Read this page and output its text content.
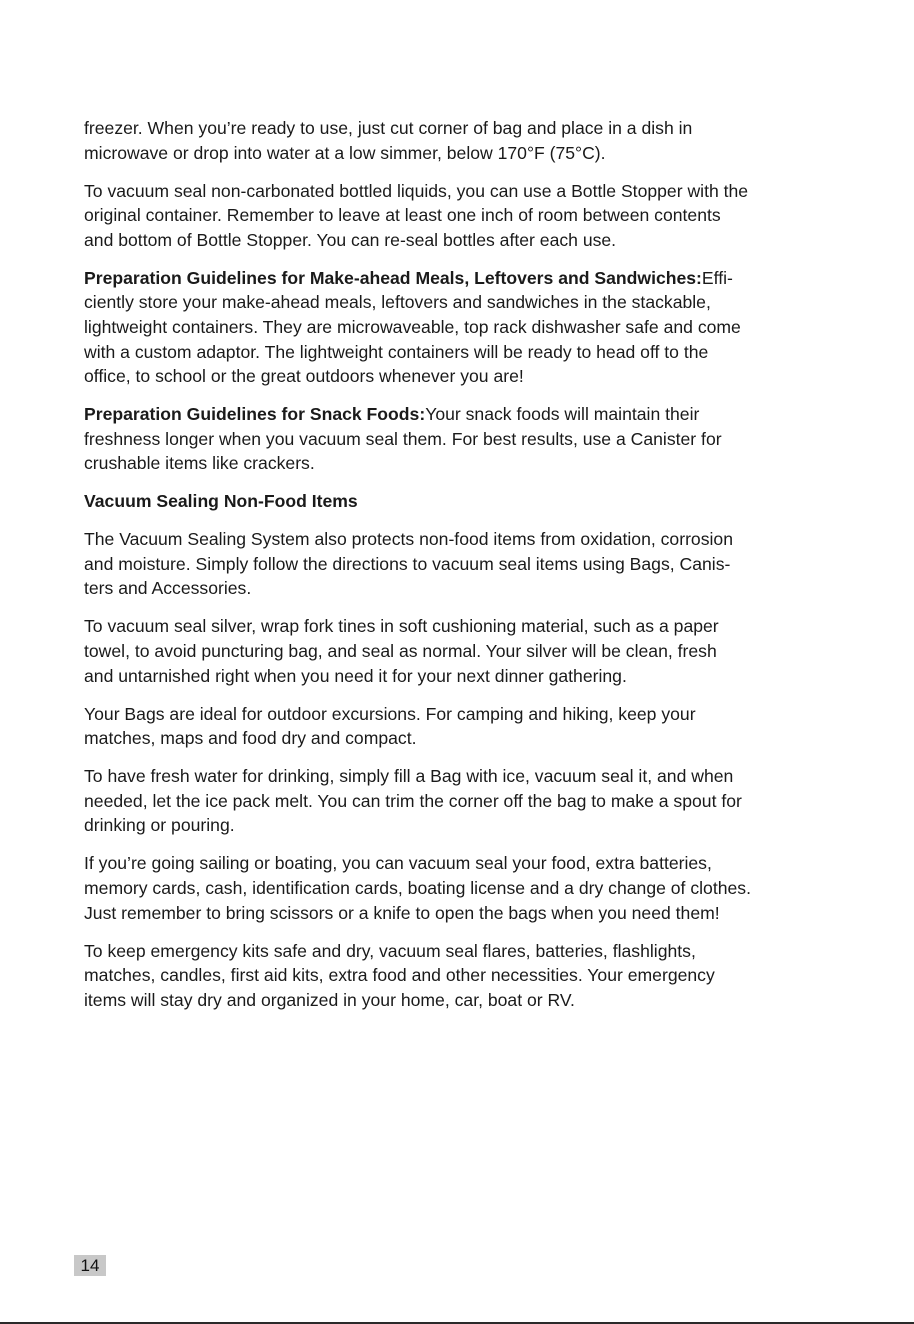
freezer. When you’re ready to use, just cut corner of bag and place in a dish in
microwave or drop into water at a low simmer, below 170°F (75°C).

To vacuum seal non-carbonated bottled liquids, you can use a Bottle Stopper with the
original container. Remember to leave at least one inch of room between contents
and bottom of Bottle Stopper. You can re-seal bottles after each use.

Preparation Guidelines for Make-ahead Meals, Leftovers and Sandwiches:Effi-
ciently store your make-ahead meals, leftovers and sandwiches in the stackable,
lightweight containers. They are microwaveable, top rack dishwasher safe and come
with a custom adaptor. The lightweight containers will be ready to head off to the
office, to school or the great outdoors whenever you are!

Preparation Guidelines for Snack Foods:Your snack foods will maintain their
freshness longer when you vacuum seal them. For best results, use a Canister for
crushable items like crackers.

Vacuum Sealing Non-Food Items

The Vacuum Sealing System also protects non-food items from oxidation, corrosion
and moisture. Simply follow the directions to vacuum seal items using Bags, Canis-
ters and Accessories.

To vacuum seal silver, wrap fork tines in soft cushioning material, such as a paper
towel, to avoid puncturing bag, and seal as normal. Your silver will be clean, fresh
and untarnished right when you need it for your next dinner gathering.

Your Bags are ideal for outdoor excursions. For camping and hiking, keep your
matches, maps and food dry and compact.

To have fresh water for drinking, simply fill a Bag with ice, vacuum seal it, and when
needed, let the ice pack melt. You can trim the corner off the bag to make a spout for
drinking or pouring.

If you’re going sailing or boating, you can vacuum seal your food, extra batteries,
memory cards, cash, identification cards, boating license and a dry change of clothes.
Just remember to bring scissors or a knife to open the bags when you need them!

To keep emergency kits safe and dry, vacuum seal flares, batteries, flashlights,
matches, candles, first aid kits, extra food and other necessities. Your emergency
items will stay dry and organized in your home, car, boat or RV.

14
